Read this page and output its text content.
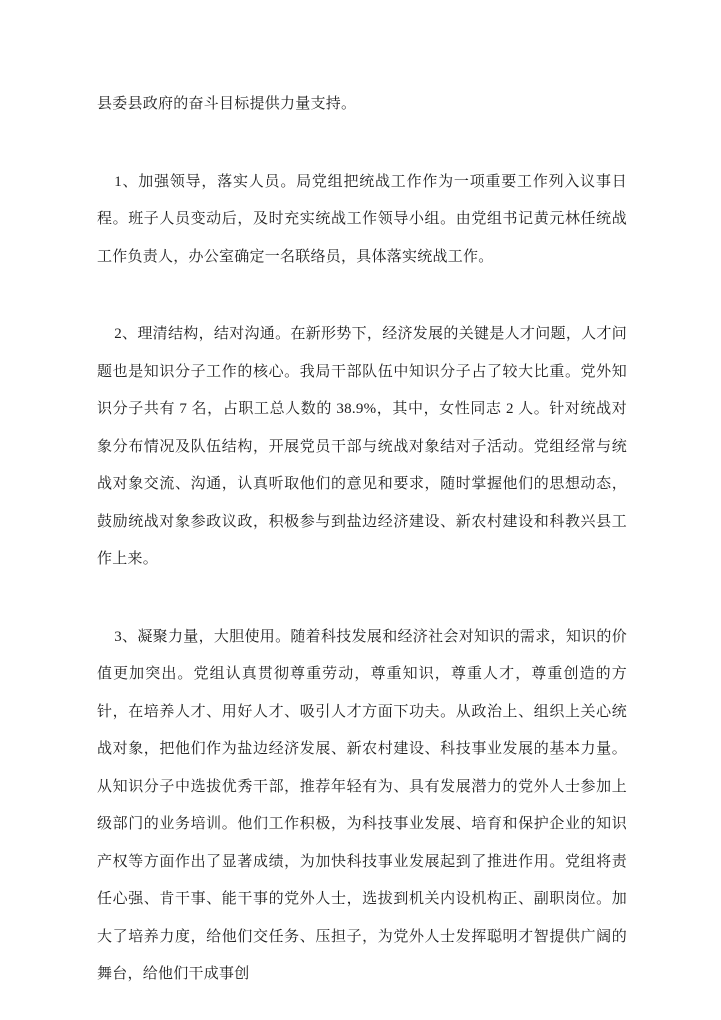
县委县政府的奋斗目标提供力量支持。

1、加强领导，落实人员。局党组把统战工作作为一项重要工作列入议事日程。班子人员变动后，及时充实统战工作领导小组。由党组书记黄元林任统战工作负责人，办公室确定一名联络员，具体落实统战工作。

2、理清结构，结对沟通。在新形势下，经济发展的关键是人才问题，人才问题也是知识分子工作的核心。我局干部队伍中知识分子占了较大比重。党外知识分子共有 7 名，占职工总人数的 38.9%，其中，女性同志 2 人。针对统战对象分布情况及队伍结构，开展党员干部与统战对象结对子活动。党组经常与统战对象交流、沟通，认真听取他们的意见和要求，随时掌握他们的思想动态，鼓励统战对象参政议政，积极参与到盐边经济建设、新农村建设和科教兴县工作上来。

3、凝聚力量，大胆使用。随着科技发展和经济社会对知识的需求，知识的价值更加突出。党组认真贯彻尊重劳动，尊重知识，尊重人才，尊重创造的方针，在培养人才、用好人才、吸引人才方面下功夫。从政治上、组织上关心统战对象，把他们作为盐边经济发展、新农村建设、科技事业发展的基本力量。从知识分子中选拔优秀干部，推荐年轻有为、具有发展潜力的党外人士参加上级部门的业务培训。他们工作积极，为科技事业发展、培育和保护企业的知识产权等方面作出了显著成绩，为加快科技事业发展起到了推进作用。党组将责任心强、肯干事、能干事的党外人士，选拔到机关内设机构正、副职岗位。加大了培养力度，给他们交任务、压担子，为党外人士发挥聪明才智提供广阔的舞台，给他们干成事创
